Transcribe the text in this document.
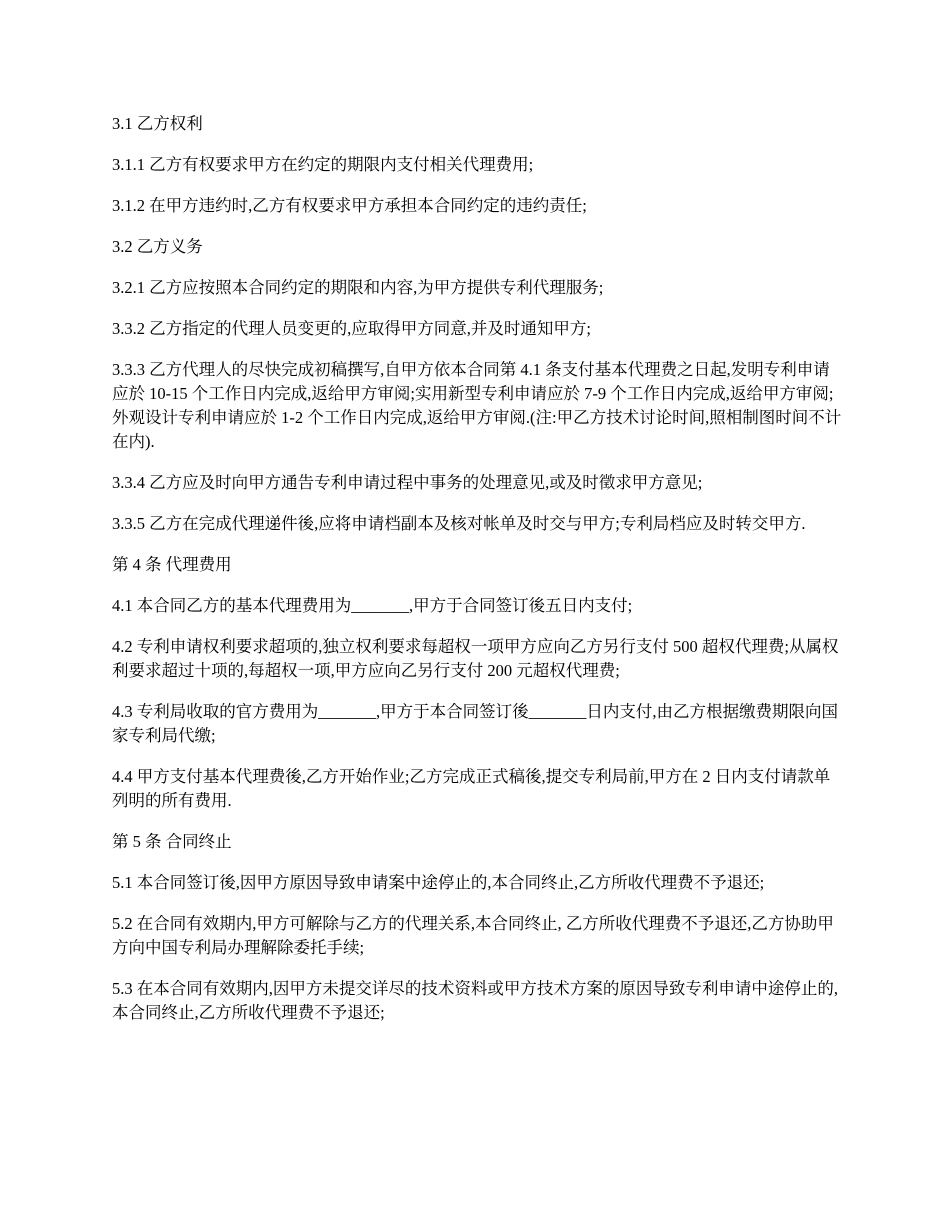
3.1 乙方权利

3.1.1 乙方有权要求甲方在约定的期限内支付相关代理费用;

3.1.2 在甲方违约时,乙方有权要求甲方承担本合同约定的违约责任;

3.2 乙方义务

3.2.1 乙方应按照本合同约定的期限和内容,为甲方提供专利代理服务;

3.3.2 乙方指定的代理人员变更的,应取得甲方同意,并及时通知甲方;

3.3.3 乙方代理人的尽快完成初稿撰写,自甲方依本合同第 4.1 条支付基本代理费之日起,发明专利申请应於 10-15 个工作日内完成,返给甲方审阅;实用新型专利申请应於 7-9 个工作日内完成,返给甲方审阅;外观设计专利申请应於 1-2 个工作日内完成,返给甲方审阅.(注:甲乙方技术讨论时间,照相制图时间不计在内).

3.3.4 乙方应及时向甲方通告专利申请过程中事务的处理意见,或及时徵求甲方意见;

3.3.5 乙方在完成代理递件後,应将申请档副本及核对帐单及时交与甲方;专利局档应及时转交甲方.

第 4 条 代理费用

4.1 本合同乙方的基本代理费用为_______,甲方于合同签订後五日内支付;

4.2 专利申请权利要求超项的,独立权利要求每超权一项甲方应向乙方另行支付 500 超权代理费;从属权利要求超过十项的,每超权一项,甲方应向乙另行支付 200 元超权代理费;

4.3 专利局收取的官方费用为_______,甲方于本合同签订後_______日内支付,由乙方根据缴费期限向国家专利局代缴;

4.4 甲方支付基本代理费後,乙方开始作业;乙方完成正式稿後,提交专利局前,甲方在 2 日内支付请款单列明的所有费用.

第 5 条 合同终止

5.1 本合同签订後,因甲方原因导致申请案中途停止的,本合同终止,乙方所收代理费不予退还;

5.2 在合同有效期内,甲方可解除与乙方的代理关系,本合同终止, 乙方所收代理费不予退还,乙方协助甲方向中国专利局办理解除委托手续;

5.3 在本合同有效期内,因甲方未提交详尽的技术资料或甲方技术方案的原因导致专利申请中途停止的,本合同终止,乙方所收代理费不予退还;
